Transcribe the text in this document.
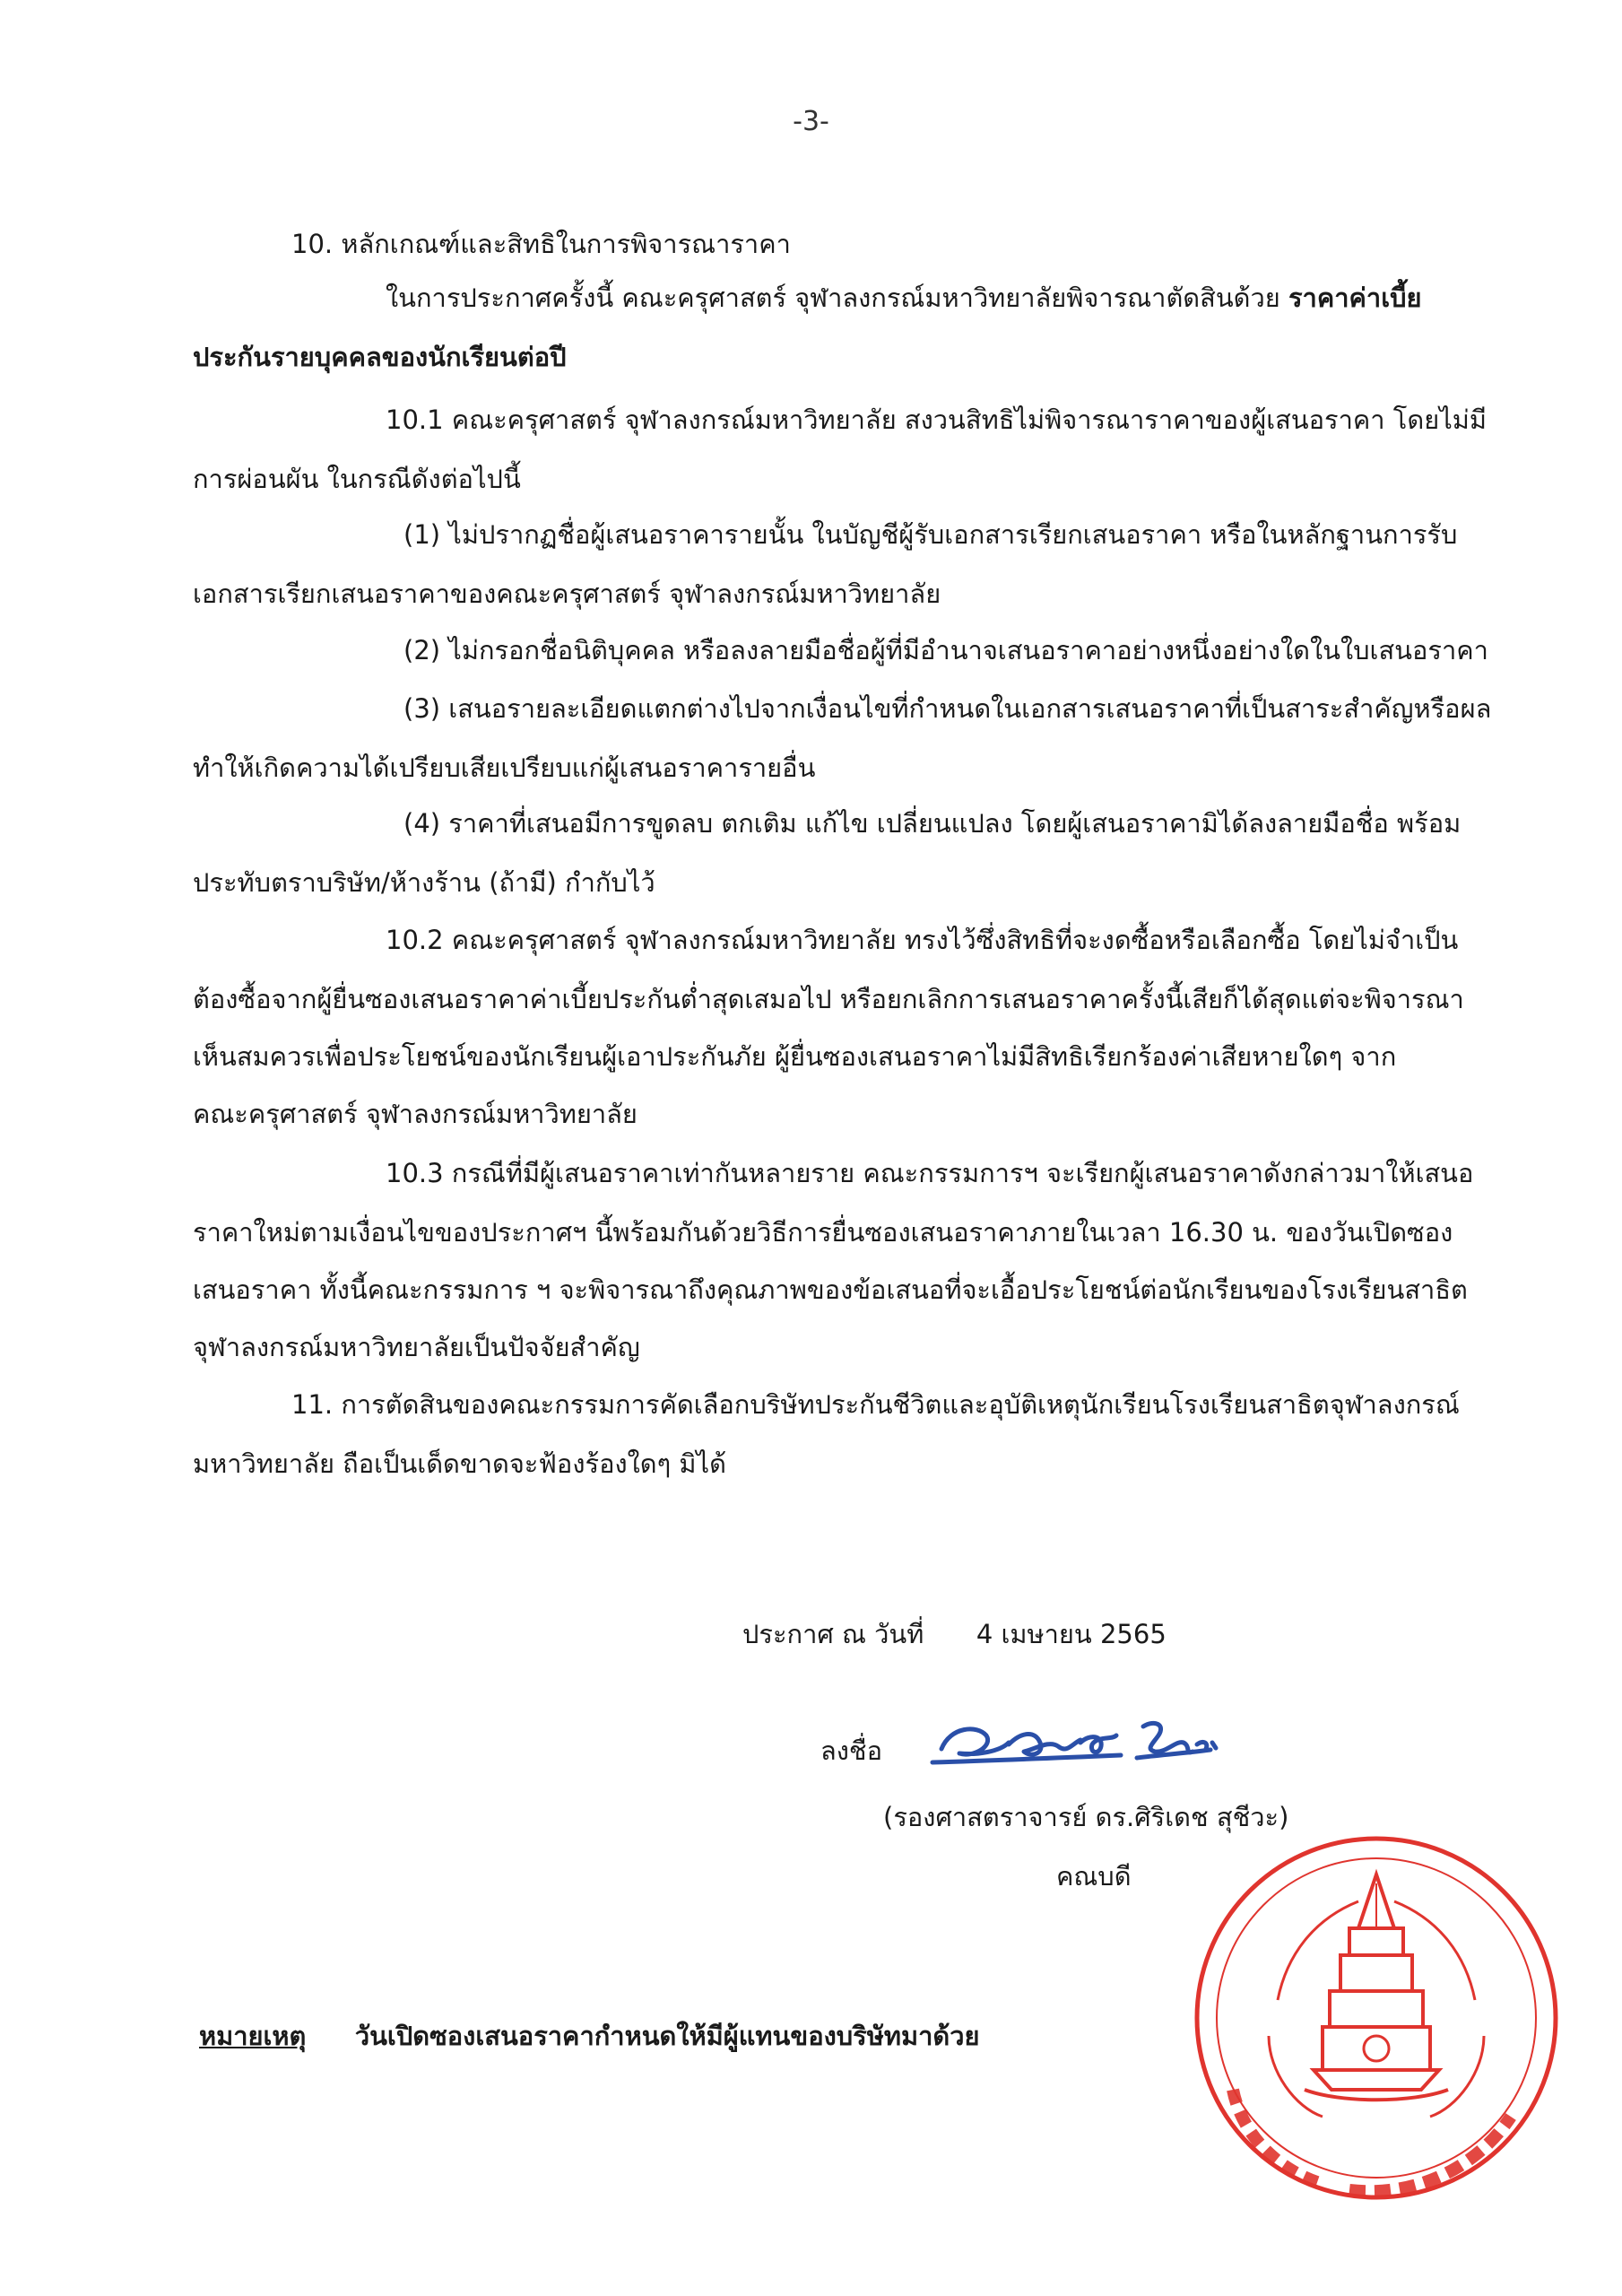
-3-
10. หลักเกณฑ์และสิทธิในการพิจารณาราคา
ในการประกาศครั้งนี้ คณะครุศาสตร์ จุฬาลงกรณ์มหาวิทยาลัยพิจารณาตัดสินด้วย ราคาค่าเบี้ย
ประกันรายบุคคลของนักเรียนต่อปี
10.1 คณะครุศาสตร์ จุฬาลงกรณ์มหาวิทยาลัย สงวนสิทธิไม่พิจารณาราคาของผู้เสนอราคา โดยไม่มี
การผ่อนผัน ในกรณีดังต่อไปนี้
(1) ไม่ปรากฏชื่อผู้เสนอราคารายนั้น ในบัญชีผู้รับเอกสารเรียกเสนอราคา หรือในหลักฐานการรับ
เอกสารเรียกเสนอราคาของคณะครุศาสตร์ จุฬาลงกรณ์มหาวิทยาลัย
(2) ไม่กรอกชื่อนิติบุคคล หรือลงลายมือชื่อผู้ที่มีอำนาจเสนอราคาอย่างหนึ่งอย่างใดในใบเสนอราคา
(3) เสนอรายละเอียดแตกต่างไปจากเงื่อนไขที่กำหนดในเอกสารเสนอราคาที่เป็นสาระสำคัญหรือผล
ทำให้เกิดความได้เปรียบเสียเปรียบแก่ผู้เสนอราคารายอื่น
(4) ราคาที่เสนอมีการขูดลบ ตกเติม แก้ไข เปลี่ยนแปลง โดยผู้เสนอราคามิได้ลงลายมือชื่อ พร้อม
ประทับตราบริษัท/ห้างร้าน (ถ้ามี) กำกับไว้
10.2 คณะครุศาสตร์ จุฬาลงกรณ์มหาวิทยาลัย ทรงไว้ซึ่งสิทธิที่จะงดซื้อหรือเลือกซื้อ โดยไม่จำเป็น
ต้องซื้อจากผู้ยื่นซองเสนอราคาค่าเบี้ยประกันต่ำสุดเสมอไป หรือยกเลิกการเสนอราคาครั้งนี้เสียก็ได้สุดแต่จะพิจารณา
เห็นสมควรเพื่อประโยชน์ของนักเรียนผู้เอาประกันภัย ผู้ยื่นซองเสนอราคาไม่มีสิทธิเรียกร้องค่าเสียหายใดๆ จาก
คณะครุศาสตร์ จุฬาลงกรณ์มหาวิทยาลัย
10.3 กรณีที่มีผู้เสนอราคาเท่ากันหลายราย คณะกรรมการฯ จะเรียกผู้เสนอราคาดังกล่าวมาให้เสนอ
ราคาใหม่ตามเงื่อนไขของประกาศฯ นี้พร้อมกันด้วยวิธีการยื่นซองเสนอราคาภายในเวลา 16.30 น. ของวันเปิดซอง
เสนอราคา ทั้งนี้คณะกรรมการ ฯ จะพิจารณาถึงคุณภาพของข้อเสนอที่จะเอื้อประโยชน์ต่อนักเรียนของโรงเรียนสาธิต
จุฬาลงกรณ์มหาวิทยาลัยเป็นปัจจัยสำคัญ
11. การตัดสินของคณะกรรมการคัดเลือกบริษัทประกันชีวิตและอุบัติเหตุนักเรียนโรงเรียนสาธิตจุฬาลงกรณ์
มหาวิทยาลัย ถือเป็นเด็ดขาดจะฟ้องร้องใดๆ มิได้
ประกาศ ณ วันที่ 4 เมษายน 2565
ลงชื่อ
(รองศาสตราจารย์ ดร.ศิริเดช สุชีวะ)
คณบดี
หมายเหตุ วันเปิดซองเสนอราคากำหนดให้มีผู้แทนของบริษัทมาด้วย
